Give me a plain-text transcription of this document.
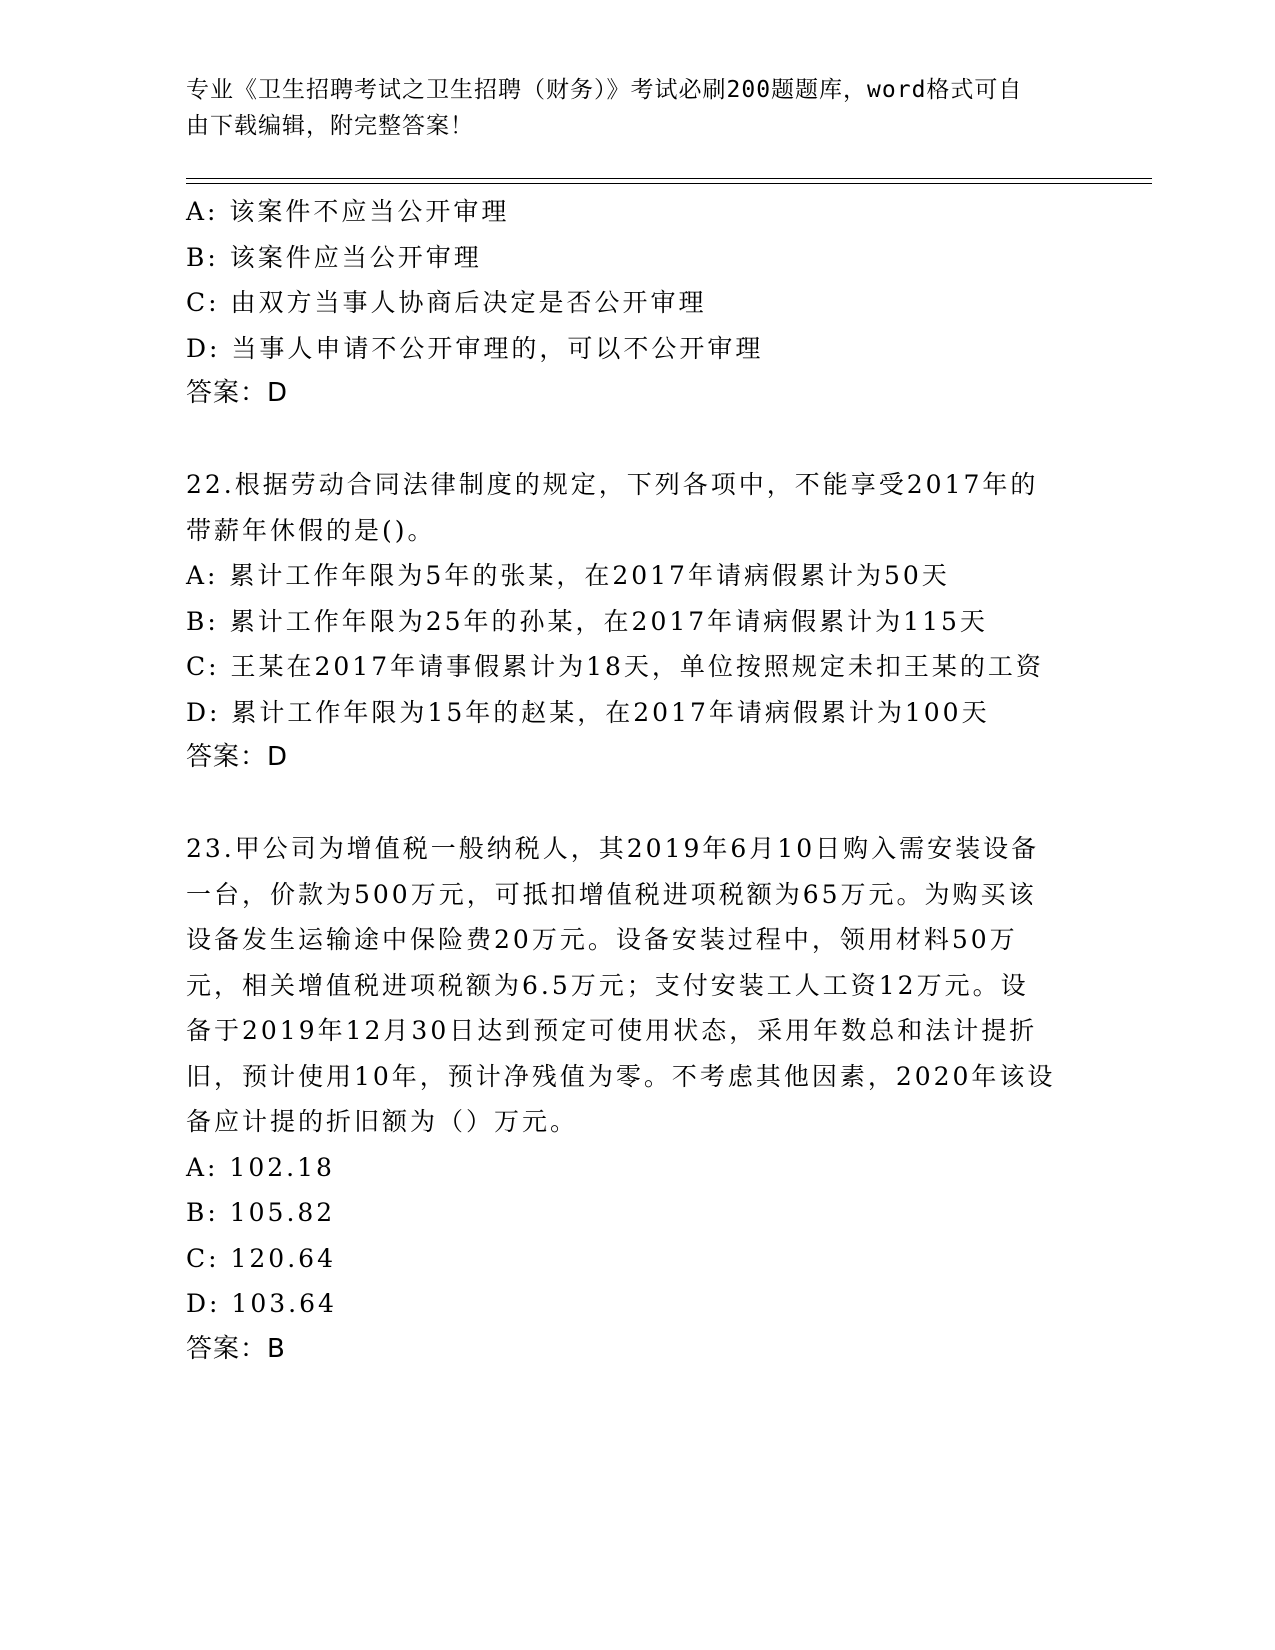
专业《卫生招聘考试之卫生招聘（财务）》考试必刷200题题库，word格式可自
由下载编辑，附完整答案！
A: 该案件不应当公开审理
B: 该案件应当公开审理
C: 由双方当事人协商后决定是否公开审理
D: 当事人申请不公开审理的，可以不公开审理
答案：D
22.根据劳动合同法律制度的规定，下列各项中，不能享受2017年的
带薪年休假的是()。
A: 累计工作年限为5年的张某，在2017年请病假累计为50天
B: 累计工作年限为25年的孙某，在2017年请病假累计为115天
C: 王某在2017年请事假累计为18天，单位按照规定未扣王某的工资
D: 累计工作年限为15年的赵某，在2017年请病假累计为100天
答案：D
23.甲公司为增值税一般纳税人，其2019年6月10日购入需安装设备
一台，价款为500万元，可抵扣增值税进项税额为65万元。为购买该
设备发生运输途中保险费20万元。设备安装过程中，领用材料50万
元，相关增值税进项税额为6.5万元；支付安装工人工资12万元。设
备于2019年12月30日达到预定可使用状态，采用年数总和法计提折
旧，预计使用10年，预计净残值为零。不考虑其他因素，2020年该设
备应计提的折旧额为（）万元。
A: 102.18
B: 105.82
C: 120.64
D: 103.64
答案：B
